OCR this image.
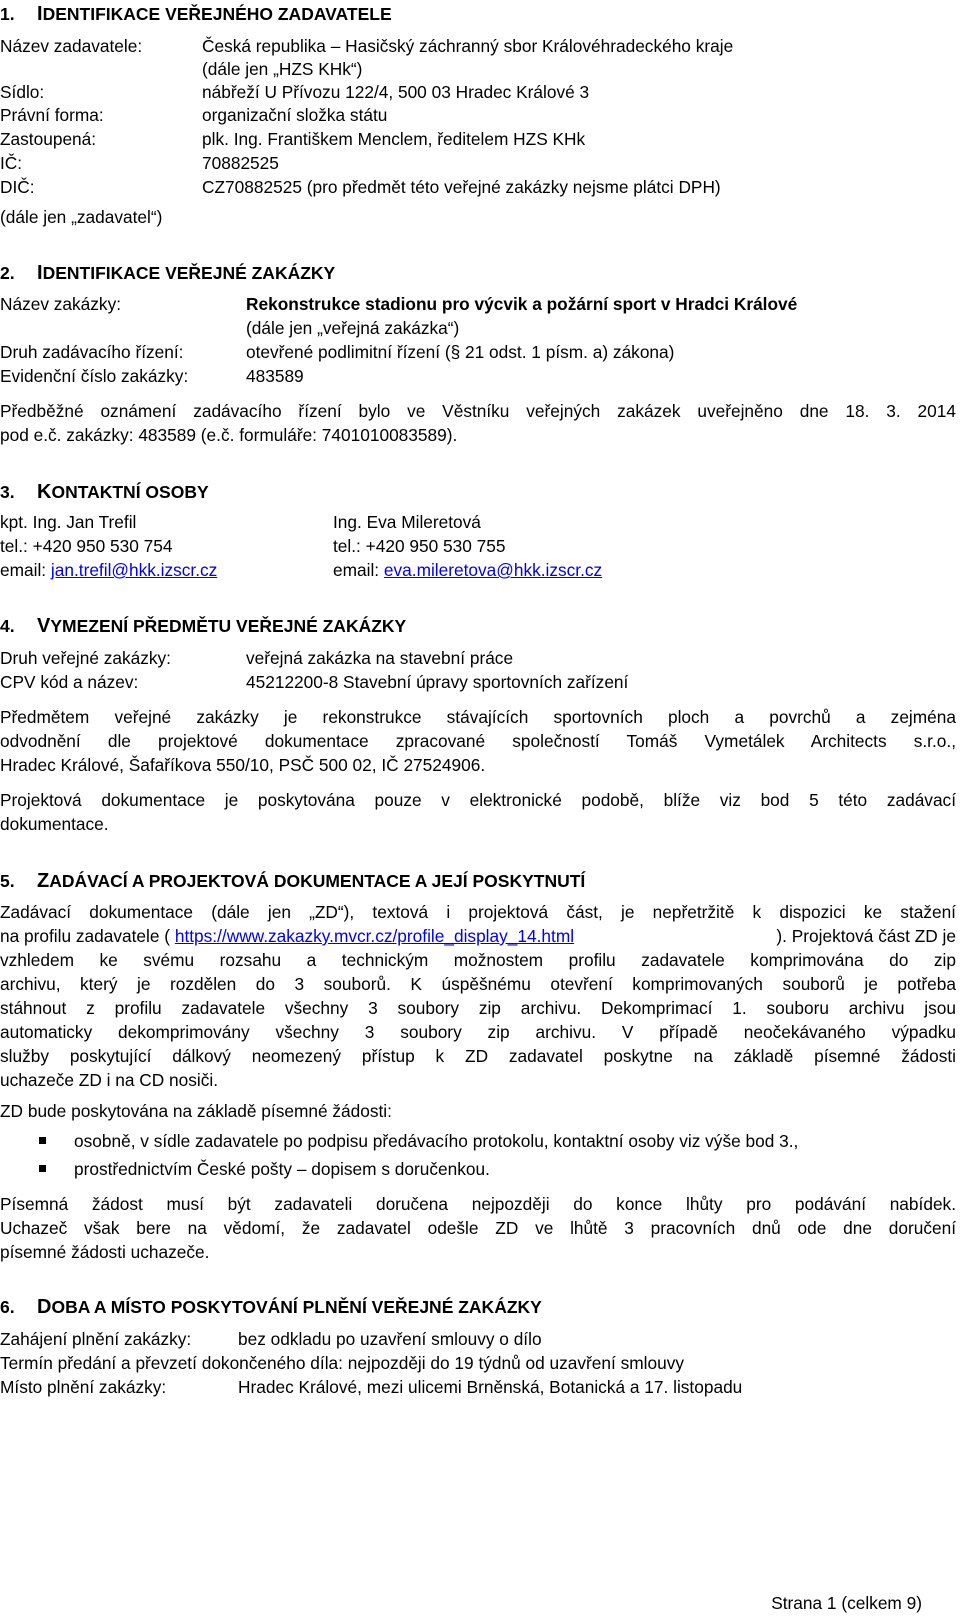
1. IDENTIFIKACE VEŘEJNÉHO ZADAVATELE
Název zadavatele:	Česká republika – Hasičský záchranný sbor Královéhradeckého kraje
(dále jen „HZS KHk“)
Sídlo:	nábřeží U Přívozu 122/4, 500 03 Hradec Králové 3
Právní forma:	organizační složka státu
Zastoupená:	plk. Ing. Františkem Menclem, ředitelem HZS KHk
IČ:	70882525
DIČ:	CZ70882525 (pro předmět této veřejné zakázky nejsme plátci DPH)
(dále jen „zadavatel“)
2. IDENTIFIKACE VEŘEJNÉ ZAKÁZKY
Název zakázky:	Rekonstrukce stadionu pro výcvik a požární sport v Hradci Králové
(dále jen „veřejná zakázka“)
Druh zadávacího řízení:	otevřené podlimitní řízení (§ 21 odst. 1 písm. a) zákona)
Evidenční číslo zakázky:	483589
Předběžné oznámení zadávacího řízení bylo ve Věstníku veřejných zakázek uveřejněno dne 18. 3. 2014
pod e.č. zakázky: 483589 (e.č. formuláře: 7401010083589).
3. KONTAKTNÍ OSOBY
kpt. Ing. Jan Trefil
tel.: +420 950 530 754
email: jan.trefil@hkk.izscr.cz
Ing. Eva Mileretová
tel.: +420 950 530 755
email: eva.mileretova@hkk.izscr.cz
4. VYMEZENÍ PŘEDMĚTU VEŘEJNÉ ZAKÁZKY
Druh veřejné zakázky:	veřejná zakázka na stavební práce
CPV kód a název:	45212200-8 Stavební úpravy sportovních zařízení
Předmětem veřejné zakázky je rekonstrukce stávajících sportovních ploch a povrchů a zejména
odvodnění dle projektové dokumentace zpracované společností Tomáš Vymetálek Architects s.r.o.,
Hradec Králové, Šafaříkova 550/10, PSČ 500 02, IČ 27524906.
Projektová dokumentace je poskytována pouze v elektronické podobě, blíže viz bod 5 této zadávací
dokumentace.
5. ZADÁVACÍ A PROJEKTOVÁ DOKUMENTACE A JEJÍ POSKYTNUTÍ
Zadávací dokumentace (dále jen „ZD“), textová i projektová část, je nepřetržitě k dispozici ke stažení
na profilu zadavatele ( https://www.zakazky.mvcr.cz/profile_display_14.html	). Projektová část ZD je
vzhledem ke svému rozsahu a technickým možnostem profilu zadavatele komprimována do zip
archivu, který je rozdělen do 3 souborů. K úspěšnému otevření komprimovaných souborů je potřeba
stáhnout z profilu zadavatele všechny 3 soubory zip archivu. Dekomprimací 1. souboru archivu jsou
automaticky dekomprimovány všechny 3 soubory zip archivu. V případě neočekávaného výpadku
služby poskytující dálkový neomezený přístup k ZD zadavatel poskytne na základě písemné žádosti
uchazeče ZD i na CD nosiči.
ZD bude poskytována na základě písemné žádosti:
osobně, v sídle zadavatele po podpisu předávacího protokolu, kontaktní osoby viz výše bod 3.,
prostřednictvím České pošty – dopisem s doručenkou.
Písemná žádost musí být zadavateli doručena nejpozději do konce lhůty pro podávání nabídek.
Uchazeč však bere na vědomí, že zadavatel odešle ZD ve lhůtě 3 pracovních dnů ode dne doručení
písemné žádosti uchazeče.
6. DOBA A MÍSTO POSKYTOVÁNÍ PLNĚNÍ VEŘEJNÉ ZAKÁZKY
Zahájení plnění zakázky:	bez odkladu po uzavření smlouvy o dílo
Termín předání a převzetí dokončeného díla: nejpozději do 19 týdnů od uzavření smlouvy
Místo plnění zakázky:	Hradec Králové, mezi ulicemi Brněnská, Botanická a 17. listopadu
Strana 1 (celkem 9)
